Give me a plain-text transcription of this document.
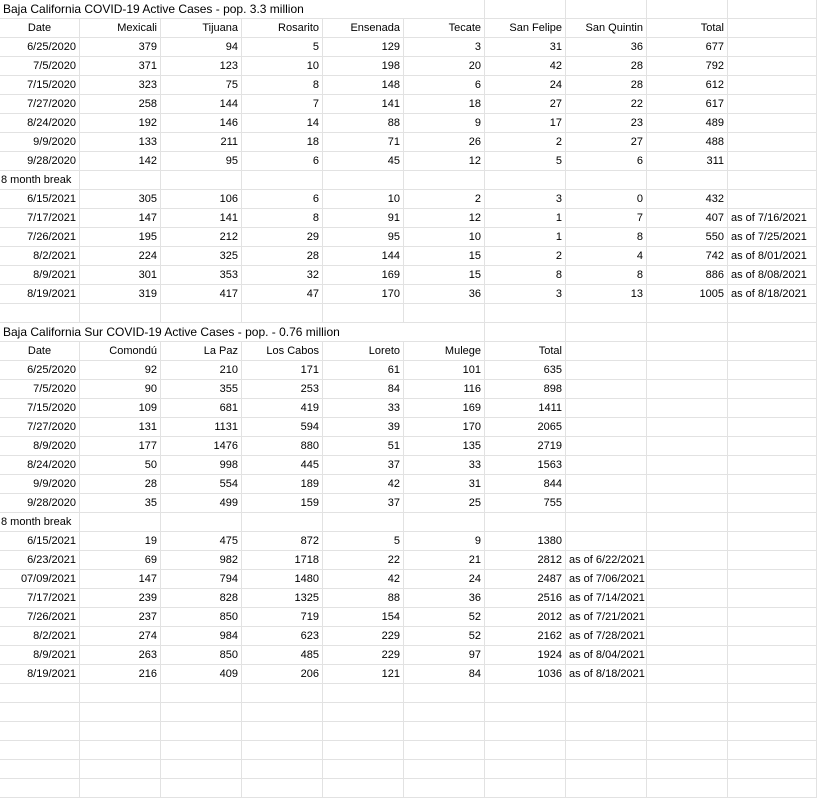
Baja California COVID-19 Active Cases - pop. 3.3 million
Date	Mexicali	Tijuana	Rosarito	Ensenada	Tecate	San Felipe	San Quintin	Total
6/25/2020	379	94	5	129	3	31	36	677
7/5/2020	371	123	10	198	20	42	28	792
7/15/2020	323	75	8	148	6	24	28	612
7/27/2020	258	144	7	141	18	27	22	617
8/24/2020	192	146	14	88	9	17	23	489
9/9/2020	133	211	18	71	26	2	27	488
9/28/2020	142	95	6	45	12	5	6	311
8 month break
6/15/2021	305	106	6	10	2	3	0	432
7/17/2021	147	141	8	91	12	1	7	407 as of 7/16/2021
7/26/2021	195	212	29	95	10	1	8	550 as of 7/25/2021
8/2/2021	224	325	28	144	15	2	4	742 as of 8/01/2021
8/9/2021	301	353	32	169	15	8	8	886 as of 8/08/2021
8/19/2021	319	417	47	170	36	3	13	1005 as of 8/18/2021
Baja California Sur COVID-19 Active Cases - pop. - 0.76 million
Date	Comondú	La Paz	Los Cabos	Loreto	Mulege	Total
6/25/2020	92	210	171	61	101	635
7/5/2020	90	355	253	84	116	898
7/15/2020	109	681	419	33	169	1411
7/27/2020	131	1131	594	39	170	2065
8/9/2020	177	1476	880	51	135	2719
8/24/2020	50	998	445	37	33	1563
9/9/2020	28	554	189	42	31	844
9/28/2020	35	499	159	37	25	755
8 month break
6/15/2021	19	475	872	5	9	1380
6/23/2021	69	982	1718	22	21	2812 as of 6/22/2021
07/09/2021	147	794	1480	42	24	2487 as of 7/06/2021
7/17/2021	239	828	1325	88	36	2516 as of 7/14/2021
7/26/2021	237	850	719	154	52	2012 as of 7/21/2021
8/2/2021	274	984	623	229	52	2162 as of 7/28/2021
8/9/2021	263	850	485	229	97	1924 as of 8/04/2021
8/19/2021	216	409	206	121	84	1036 as of 8/18/2021
